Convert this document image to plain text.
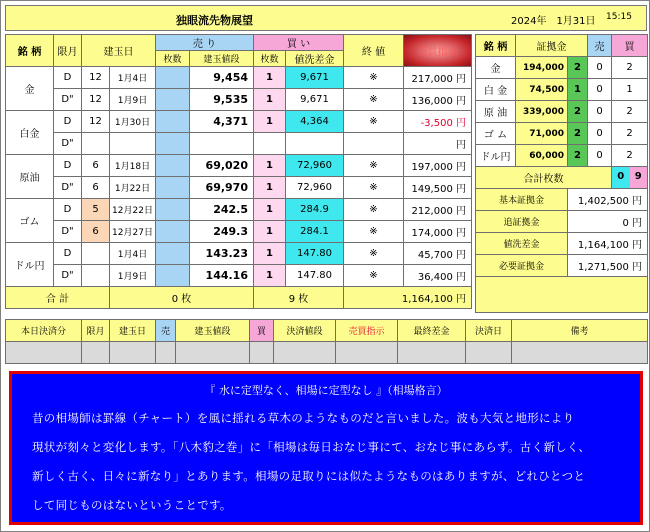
独眼流先物展望	2024年　1月31日 15:15
銘 柄	限月	建玉日		売 り		買 い		終 値	売買指示
				枚数	建玉値段	枚数	値洗差金		
金	D	12	1月4日		9,454	1	9,671	※	217,000 円
	D"	12	1月9日		9,535	1	9,671	※	136,000 円
白金	D	12	1月30日		4,371	1	4,364	※	-3,500 円
	D"								円
原油	D	6	1月18日		69,020	1	72,960	※	197,000 円
	D"	6	1月22日		69,970	1	72,960	※	149,500 円
ゴム	D	5	12月22日		242.5	1	284.9	※	212,000 円
	D"	6	12月27日		249.3	1	284.1	※	174,000 円
ドル円	D		1月4日		143.23	1	147.80	※	45,700 円
	D"		1月9日		144.16	1	147.80	※	36,400 円
合 計			0 枚			9 枚		1,164,100 円	
銘 柄	証拠金		売	買
金	194,000	2	0	2
白 金	74,500	1	0	1
原 油	339,000	2	0	2
ゴ ム	71,000	2	0	2
ドル円	60,000	2	0	2
合計枚数				0 9

基本証拠金		1,402,500 円		
追証拠金		0 円		
値洗差金		1,164,100 円		
必要証拠金		1,271,500 円		

本日決済分	限月	建玉日	売	建玉値段	買	決済値段	売買指示	最終差金	決済日	備考

『 水に定型なく、相場に定型なし 』（相場格言）
昔の相場師は罫線（チャート）を風に揺れる草木のようなものだと言いました。波も大気と地形により
現状が刻々と変化します。「八木豹之巻」に「相場は毎日おなじ事にて、おなじ事にあらず。古く新しく、
新しく古く、日々に新なり」とあります。相場の足取りには似たようなものはありますが、どれひとつと
して同じものはないということです。
